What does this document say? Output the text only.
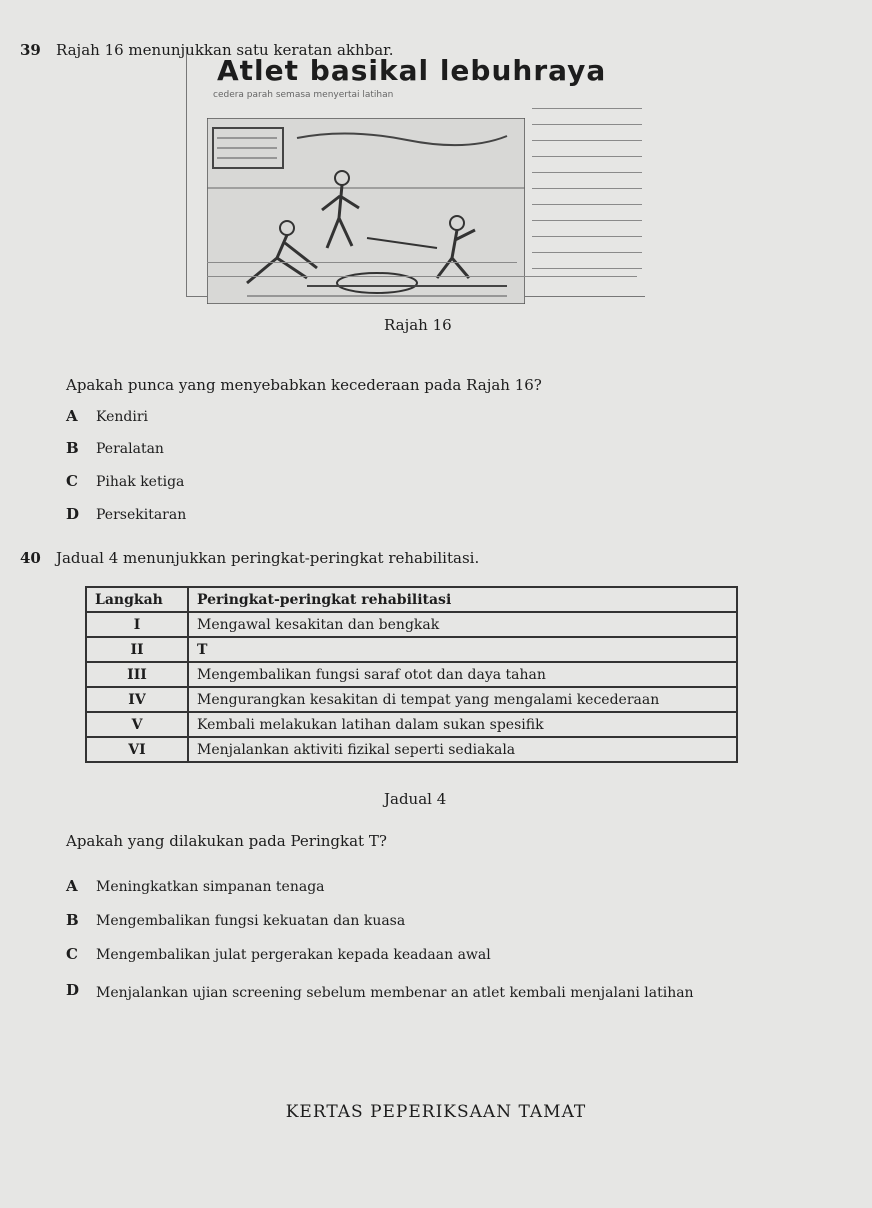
39 Rajah 16 menunjukkan satu keratan akhbar.
Atlet basikal lebuhraya
cedera parah semasa menyertai latihan
Rajah 16
Apakah punca yang menyebabkan kecederaan pada Rajah 16?
A Kendiri
B Peralatan
C Pihak ketiga
D Persekitaran
40 Jadual 4 menunjukkan peringkat-peringkat rehabilitasi.
Langkah	Peringkat-peringkat rehabilitasi
I	Mengawal kesakitan dan bengkak
II	T
III	Mengembalikan fungsi saraf otot dan daya tahan
IV	Mengurangkan kesakitan di tempat yang mengalami kecederaan
V	Kembali melakukan latihan dalam sukan spesifik
VI	Menjalankan aktiviti fizikal seperti sediakala
Jadual 4
Apakah yang dilakukan pada Peringkat T?
A Meningkatkan simpanan tenaga
B Mengembalikan fungsi kekuatan dan kuasa
C Mengembalikan julat pergerakan kepada keadaan awal
D Menjalankan ujian screening sebelum membenar an atlet kembali menjalani latihan
KERTAS PEPERIKSAAN TAMAT
